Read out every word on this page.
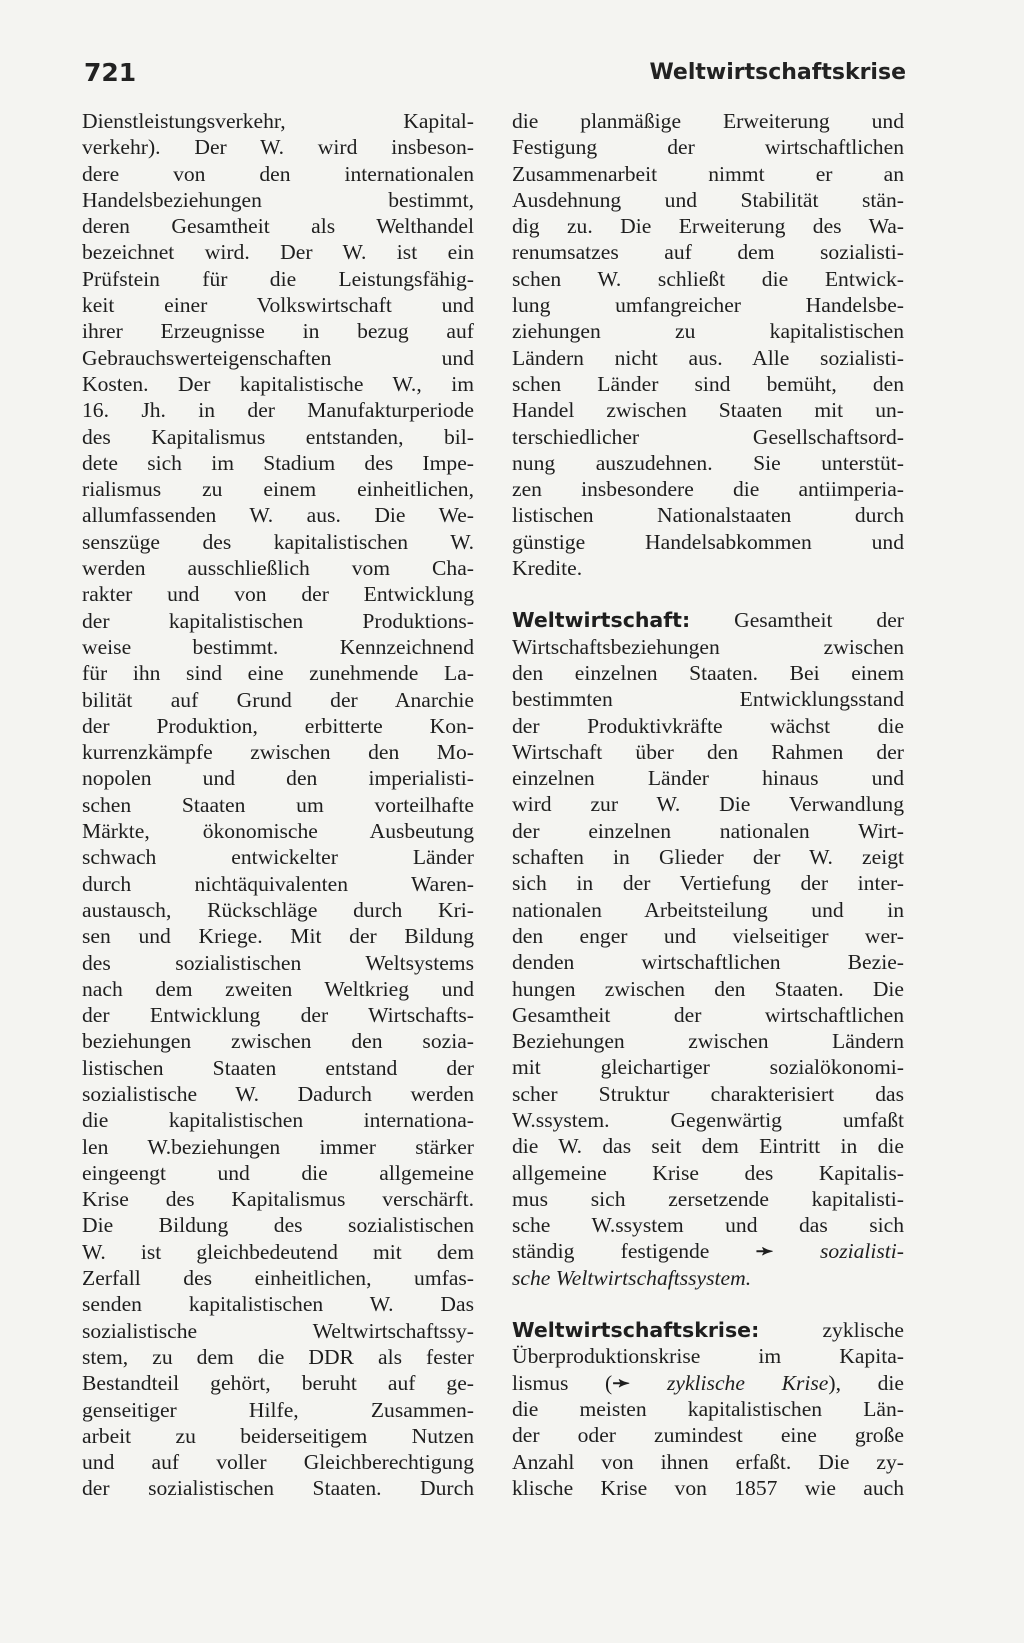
721	Weltwirtschaftskrise
Dienstleistungsverkehr, Kapital-
verkehr). Der W. wird insbeson-
dere von den internationalen
Handelsbeziehungen bestimmt,
deren Gesamtheit als Welthandel
bezeichnet wird. Der W. ist ein
Prüfstein für die Leistungsfähig-
keit einer Volkswirtschaft und
ihrer Erzeugnisse in bezug auf
Gebrauchswerteigenschaften und
Kosten. Der kapitalistische W., im
16. Jh. in der Manufakturperiode
des Kapitalismus entstanden, bil-
dete sich im Stadium des Impe-
rialismus zu einem einheitlichen,
allumfassenden W. aus. Die We-
senszüge des kapitalistischen W.
werden ausschließlich vom Cha-
rakter und von der Entwicklung
der kapitalistischen Produktions-
weise bestimmt. Kennzeichnend
für ihn sind eine zunehmende La-
bilität auf Grund der Anarchie
der Produktion, erbitterte Kon-
kurrenzkämpfe zwischen den Mo-
nopolen und den imperialisti-
schen Staaten um vorteilhafte
Märkte, ökonomische Ausbeutung
schwach entwickelter Länder
durch nichtäquivalenten Waren-
austausch, Rückschläge durch Kri-
sen und Kriege. Mit der Bildung
des sozialistischen Weltsystems
nach dem zweiten Weltkrieg und
der Entwicklung der Wirtschafts-
beziehungen zwischen den sozia-
listischen Staaten entstand der
sozialistische W. Dadurch werden
die kapitalistischen internationa-
len W.beziehungen immer stärker
eingeengt und die allgemeine
Krise des Kapitalismus verschärft.
Die Bildung des sozialistischen
W. ist gleichbedeutend mit dem
Zerfall des einheitlichen, umfas-
senden kapitalistischen W. Das
sozialistische Weltwirtschaftssy-
stem, zu dem die DDR als fester
Bestandteil gehört, beruht auf ge-
genseitiger Hilfe, Zusammen-
arbeit zu beiderseitigem Nutzen
und auf voller Gleichberechtigung
der sozialistischen Staaten. Durch
die planmäßige Erweiterung und
Festigung der wirtschaftlichen
Zusammenarbeit nimmt er an
Ausdehnung und Stabilität stän-
dig zu. Die Erweiterung des Wa-
renumsatzes auf dem sozialisti-
schen W. schließt die Entwick-
lung umfangreicher Handelsbe-
ziehungen zu kapitalistischen
Ländern nicht aus. Alle sozialisti-
schen Länder sind bemüht, den
Handel zwischen Staaten mit un-
terschiedlicher Gesellschaftsord-
nung auszudehnen. Sie unterstüt-
zen insbesondere die antiimperia-
listischen Nationalstaaten durch
günstige Handelsabkommen und
Kredite.
Weltwirtschaft: Gesamtheit der
Wirtschaftsbeziehungen zwischen
den einzelnen Staaten. Bei einem
bestimmten Entwicklungsstand
der Produktivkräfte wächst die
Wirtschaft über den Rahmen der
einzelnen Länder hinaus und
wird zur W. Die Verwandlung
der einzelnen nationalen Wirt-
schaften in Glieder der W. zeigt
sich in der Vertiefung der inter-
nationalen Arbeitsteilung und in
den enger und vielseitiger wer-
denden wirtschaftlichen Bezie-
hungen zwischen den Staaten. Die
Gesamtheit der wirtschaftlichen
Beziehungen zwischen Ländern
mit gleichartiger sozialökonomi-
scher Struktur charakterisiert das
W.ssystem. Gegenwärtig umfaßt
die W. das seit dem Eintritt in die
allgemeine Krise des Kapitalis-
mus sich zersetzende kapitalisti-
sche W.ssystem und das sich
ständig festigende ➛ sozialisti-
sche Weltwirtschaftssystem.
Weltwirtschaftskrise:	zyklische
Überproduktionskrise im Kapita-
lismus (➛ zyklische Krise), die
die meisten kapitalistischen Län-
der oder zumindest eine große
Anzahl von ihnen erfaßt. Die zy-
klische Krise von 1857 wie auch
